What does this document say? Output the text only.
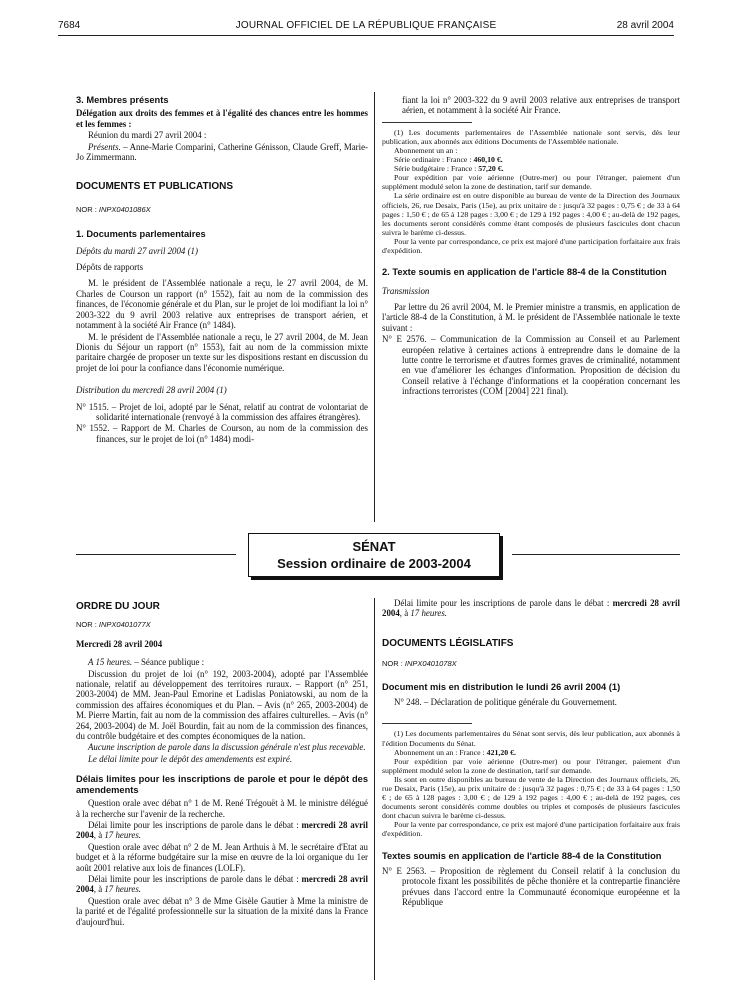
7684	JOURNAL OFFICIEL DE LA RÉPUBLIQUE FRANÇAISE	28 avril 2004

3. Membres présents

Délégation aux droits des femmes et à l'égalité des chances entre les hommes et les femmes :

Réunion du mardi 27 avril 2004 :

Présents. – Anne-Marie Comparini, Catherine Génisson, Claude Greff, Marie-Jo Zimmermann.

DOCUMENTS ET PUBLICATIONS

NOR : INPX0401086X

1. Documents parlementaires

Dépôts du mardi 27 avril 2004 (1)

Dépôts de rapports

M. le président de l'Assemblée nationale a reçu, le 27 avril 2004, de M. Charles de Courson un rapport (n° 1552), fait au nom de la commission des finances, de l'économie générale et du Plan, sur le projet de loi modifiant la loi n° 2003-322 du 9 avril 2003 relative aux entreprises de transport aérien, et notamment à la société Air France (n° 1484).

M. le président de l'Assemblée nationale a reçu, le 27 avril 2004, de M. Jean Dionis du Séjour un rapport (n° 1553), fait au nom de la commission mixte paritaire chargée de proposer un texte sur les dispositions restant en discussion du projet de loi pour la confiance dans l'économie numérique.

Distribution du mercredi 28 avril 2004 (1)

N° 1515. – Projet de loi, adopté par le Sénat, relatif au contrat de volontariat de solidarité internationale (renvoyé à la commission des affaires étrangères).

N° 1552. – Rapport de M. Charles de Courson, au nom de la commission des finances, sur le projet de loi (n° 1484) modi-

fiant la loi n° 2003-322 du 9 avril 2003 relative aux entreprises de transport aérien, et notamment à la société Air France.

(1) Les documents parlementaires de l'Assemblée nationale sont servis, dès leur publication, aux abonnés aux éditions Documents de l'Assemblée nationale.

Abonnement un an :

Série ordinaire : France : 460,10 €.

Série budgétaire : France : 57,20 €.

Pour expédition par voie aérienne (Outre-mer) ou pour l'étranger, paiement d'un supplément modulé selon la zone de destination, tarif sur demande.

La série ordinaire est en outre disponible au bureau de vente de la Direction des Journaux officiels, 26, rue Desaix, Paris (15e), au prix unitaire de : jusqu'à 32 pages : 0,75 € ; de 33 à 64 pages : 1,50 € ; de 65 à 128 pages : 3,00 € ; de 129 à 192 pages : 4,00 € ; au-delà de 192 pages, les documents seront considérés comme étant composés de plusieurs fascicules dont chacun suivra le barème ci-dessus.

Pour la vente par correspondance, ce prix est majoré d'une participation forfaitaire aux frais d'expédition.

2. Texte soumis en application de l'article 88-4 de la Constitution

Transmission

Par lettre du 26 avril 2004, M. le Premier ministre a transmis, en application de l'article 88-4 de la Constitution, à M. le président de l'Assemblée nationale le texte suivant :

N° E 2576. – Communication de la Commission au Conseil et au Parlement européen relative à certaines actions à entreprendre dans le domaine de la lutte contre le terrorisme et d'autres formes graves de criminalité, notamment en vue d'améliorer les échanges d'information. Proposition de décision du Conseil relative à l'échange d'informations et la coopération concernant les infractions terroristes (COM [2004] 221 final).

SÉNAT
Session ordinaire de 2003-2004

ORDRE DU JOUR

NOR : INPX0401077X

Mercredi 28 avril 2004

A 15 heures. – Séance publique :

Discussion du projet de loi (n° 192, 2003-2004), adopté par l'Assemblée nationale, relatif au développement des territoires ruraux. – Rapport (n° 251, 2003-2004) de MM. Jean-Paul Emorine et Ladislas Poniatowski, au nom de la commission des affaires économiques et du Plan. – Avis (n° 265, 2003-2004) de M. Pierre Martin, fait au nom de la commission des affaires culturelles. – Avis (n° 264, 2003-2004) de M. Joël Bourdin, fait au nom de la commission des finances, du contrôle budgétaire et des comptes économiques de la nation.

Aucune inscription de parole dans la discussion générale n'est plus recevable.

Le délai limite pour le dépôt des amendements est expiré.

Délais limites pour les inscriptions de parole et pour le dépôt des amendements

Question orale avec débat n° 1 de M. René Trégouët à M. le ministre délégué à la recherche sur l'avenir de la recherche.

Délai limite pour les inscriptions de parole dans le débat : mercredi 28 avril 2004, à 17 heures.

Question orale avec débat n° 2 de M. Jean Arthuis à M. le secrétaire d'Etat au budget et à la réforme budgétaire sur la mise en œuvre de la loi organique du 1er août 2001 relative aux lois de finances (LOLF).

Délai limite pour les inscriptions de parole dans le débat : mercredi 28 avril 2004, à 17 heures.

Question orale avec débat n° 3 de Mme Gisèle Gautier à Mme la ministre de la parité et de l'égalité professionnelle sur la situation de la mixité dans la France d'aujourd'hui.

Délai limite pour les inscriptions de parole dans le débat : mercredi 28 avril 2004, à 17 heures.

DOCUMENTS LÉGISLATIFS

NOR : INPX0401078X

Document mis en distribution le lundi 26 avril 2004 (1)

N° 248. – Déclaration de politique générale du Gouvernement.

(1) Les documents parlementaires du Sénat sont servis, dès leur publication, aux abonnés à l'édition Documents du Sénat.

Abonnement un an : France : 421,20 €.

Pour expédition par voie aérienne (Outre-mer) ou pour l'étranger, paiement d'un supplément modulé selon la zone de destination, tarif sur demande.

Ils sont en outre disponibles au bureau de vente de la Direction des Journaux officiels, 26, rue Desaix, Paris (15e), au prix unitaire de : jusqu'à 32 pages : 0,75 € ; de 33 à 64 pages : 1,50 € ; de 65 à 128 pages : 3,00 € ; de 129 à 192 pages : 4,00 € ; au-delà de 192 pages, ces documents seront considérés comme doubles ou triples et composés de plusieurs fascicules dont chacun suivra le barème ci-dessus.

Pour la vente par correspondance, ce prix est majoré d'une participation forfaitaire aux frais d'expédition.

Textes soumis en application de l'article 88-4 de la Constitution

N° E 2563. – Proposition de règlement du Conseil relatif à la conclusion du protocole fixant les possibilités de pêche thonière et la contrepartie financière prévues dans l'accord entre la Communauté économique européenne et la République
